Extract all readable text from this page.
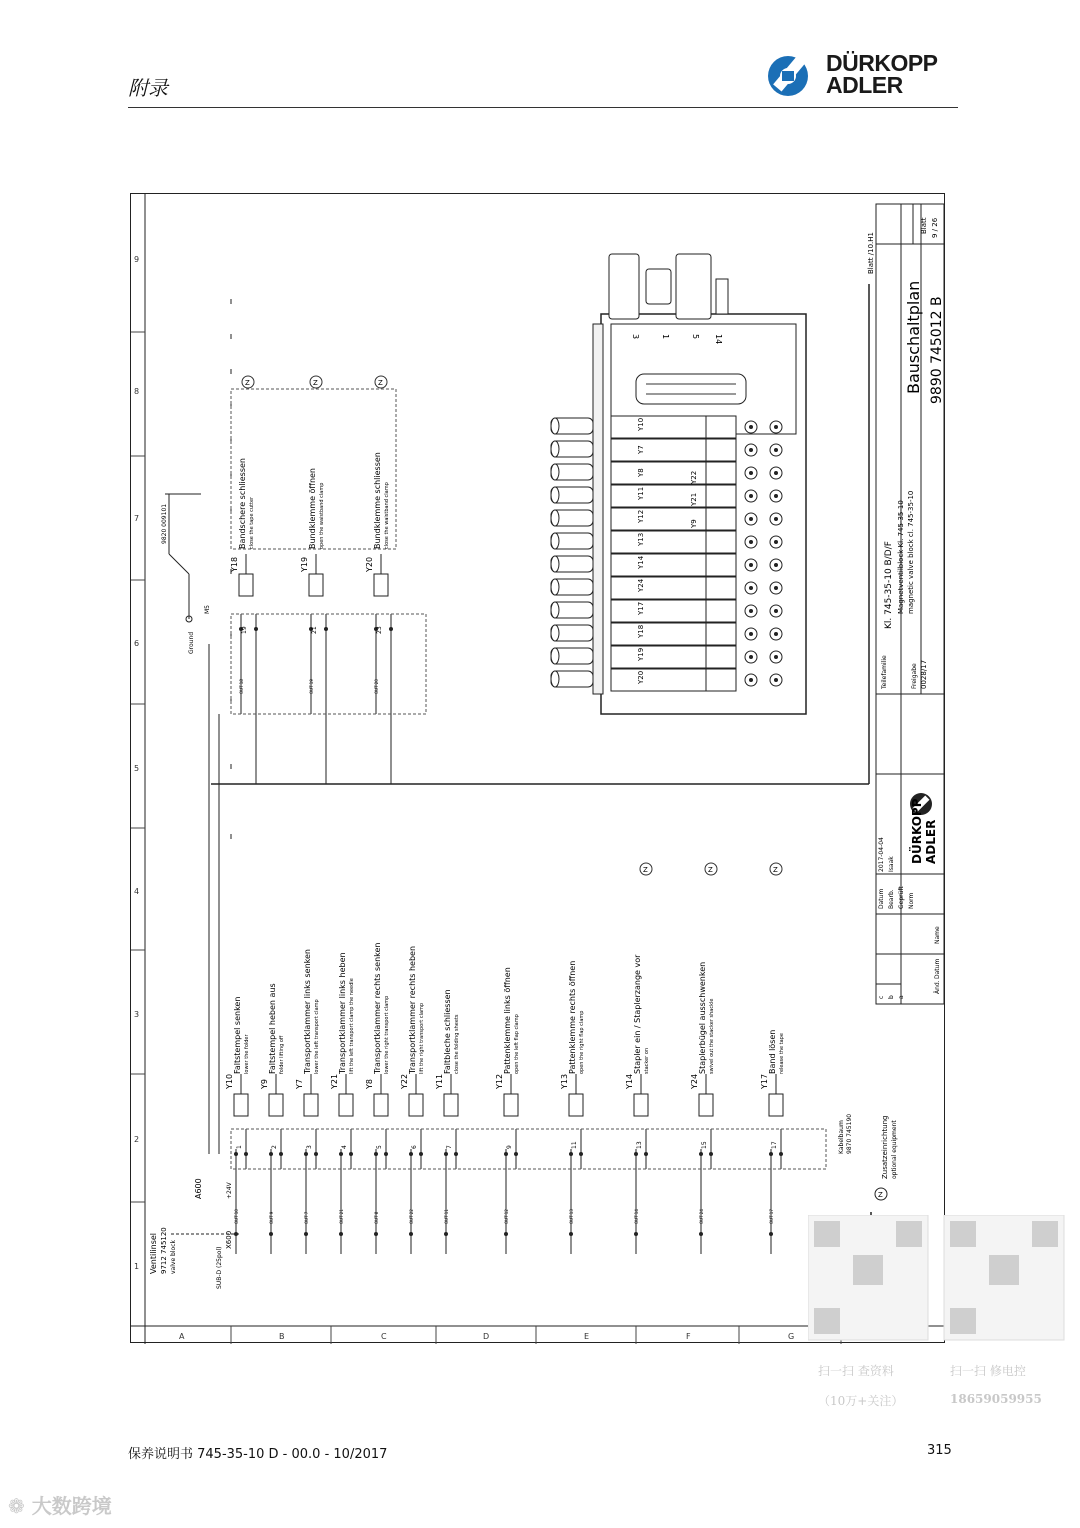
附录
DÜRKOPP
ADLER
1
2
3
4
5
6
7
8
9
A	B	C	D	E	F	G
Bauschaltplan 9890 745012 B
Blatt 9 / 26
Kl. 745-35-10 B/D/F Magnetventilblock Kl. 745-35-10 magnetic valve block cl. 745-35-10
Teilefamilie	Freigabe 0028/17
DÜRKOPP ADLER
Datum Bearb. Geprüft Norm
2017-04-04 Isaak
Name
Änd.
Datum
c b a
Blatt /10.H1
Ventilinsel 9712 745120 valve block
A600
X600
SUB-D (25pol)
+24V
1
Y10
OUT 10
Faltstempel senken lower the folder
2
Y9
OUT 9
Faltstempel heben aus folder lifting off
3
Y7
OUT 7
Transportklammer links senken lower the left transport clamp
4
Y21
OUT 21
Transportklammer links heben lift the left transport clamp the needle
5
Y8
OUT 8
Transportklammer rechts senken lower the right transport clamp
6
Y22
OUT 22
Transportklammer rechts heben lift the right transport clamp
7
Y11
OUT 11
Faltbleche schliessen close the folding sheets
9
Y12
OUT 12
Pattenklemme links öffnen open the left flap clamp
11
Y13
OUT 13
Pattenklemme rechts öffnen open the right flap clamp
13
Y14
OUT 14
Stapler ein / Staplerzange vor stacker on
15
Y24
OUT 24
Staplerbügel ausschwenken swivel out the stacker shackle
17
Y17
OUT 17
Band lösen release the tape
19
Y18
OUT 18
Bandschere schliessen close the tape cutter
21
Y19
OUT 19
Bundklemme öffnen open the waistband clamp
23
Y20
OUT 20
Bundklemme schliessen close the waistband clamp
Ground
M5
9820 009101
Kabelbaum 9870 745190
Z
Zusatzeinrichtung optional equipment
Z	Z	Z
Z	Z	Z
3	1	5 14
Y20
Y19
Y18
Y17
Y24
Y14
Y13
Y12
Y11
Y8
Y7
Y10
Y22
Y21
Y9
扫一扫 查资料	扫一扫 修电控
（10万+关注）	18659059955
保养说明书 745-35-10 D - 00.0 - 10/2017	315
❁ 大数跨境
